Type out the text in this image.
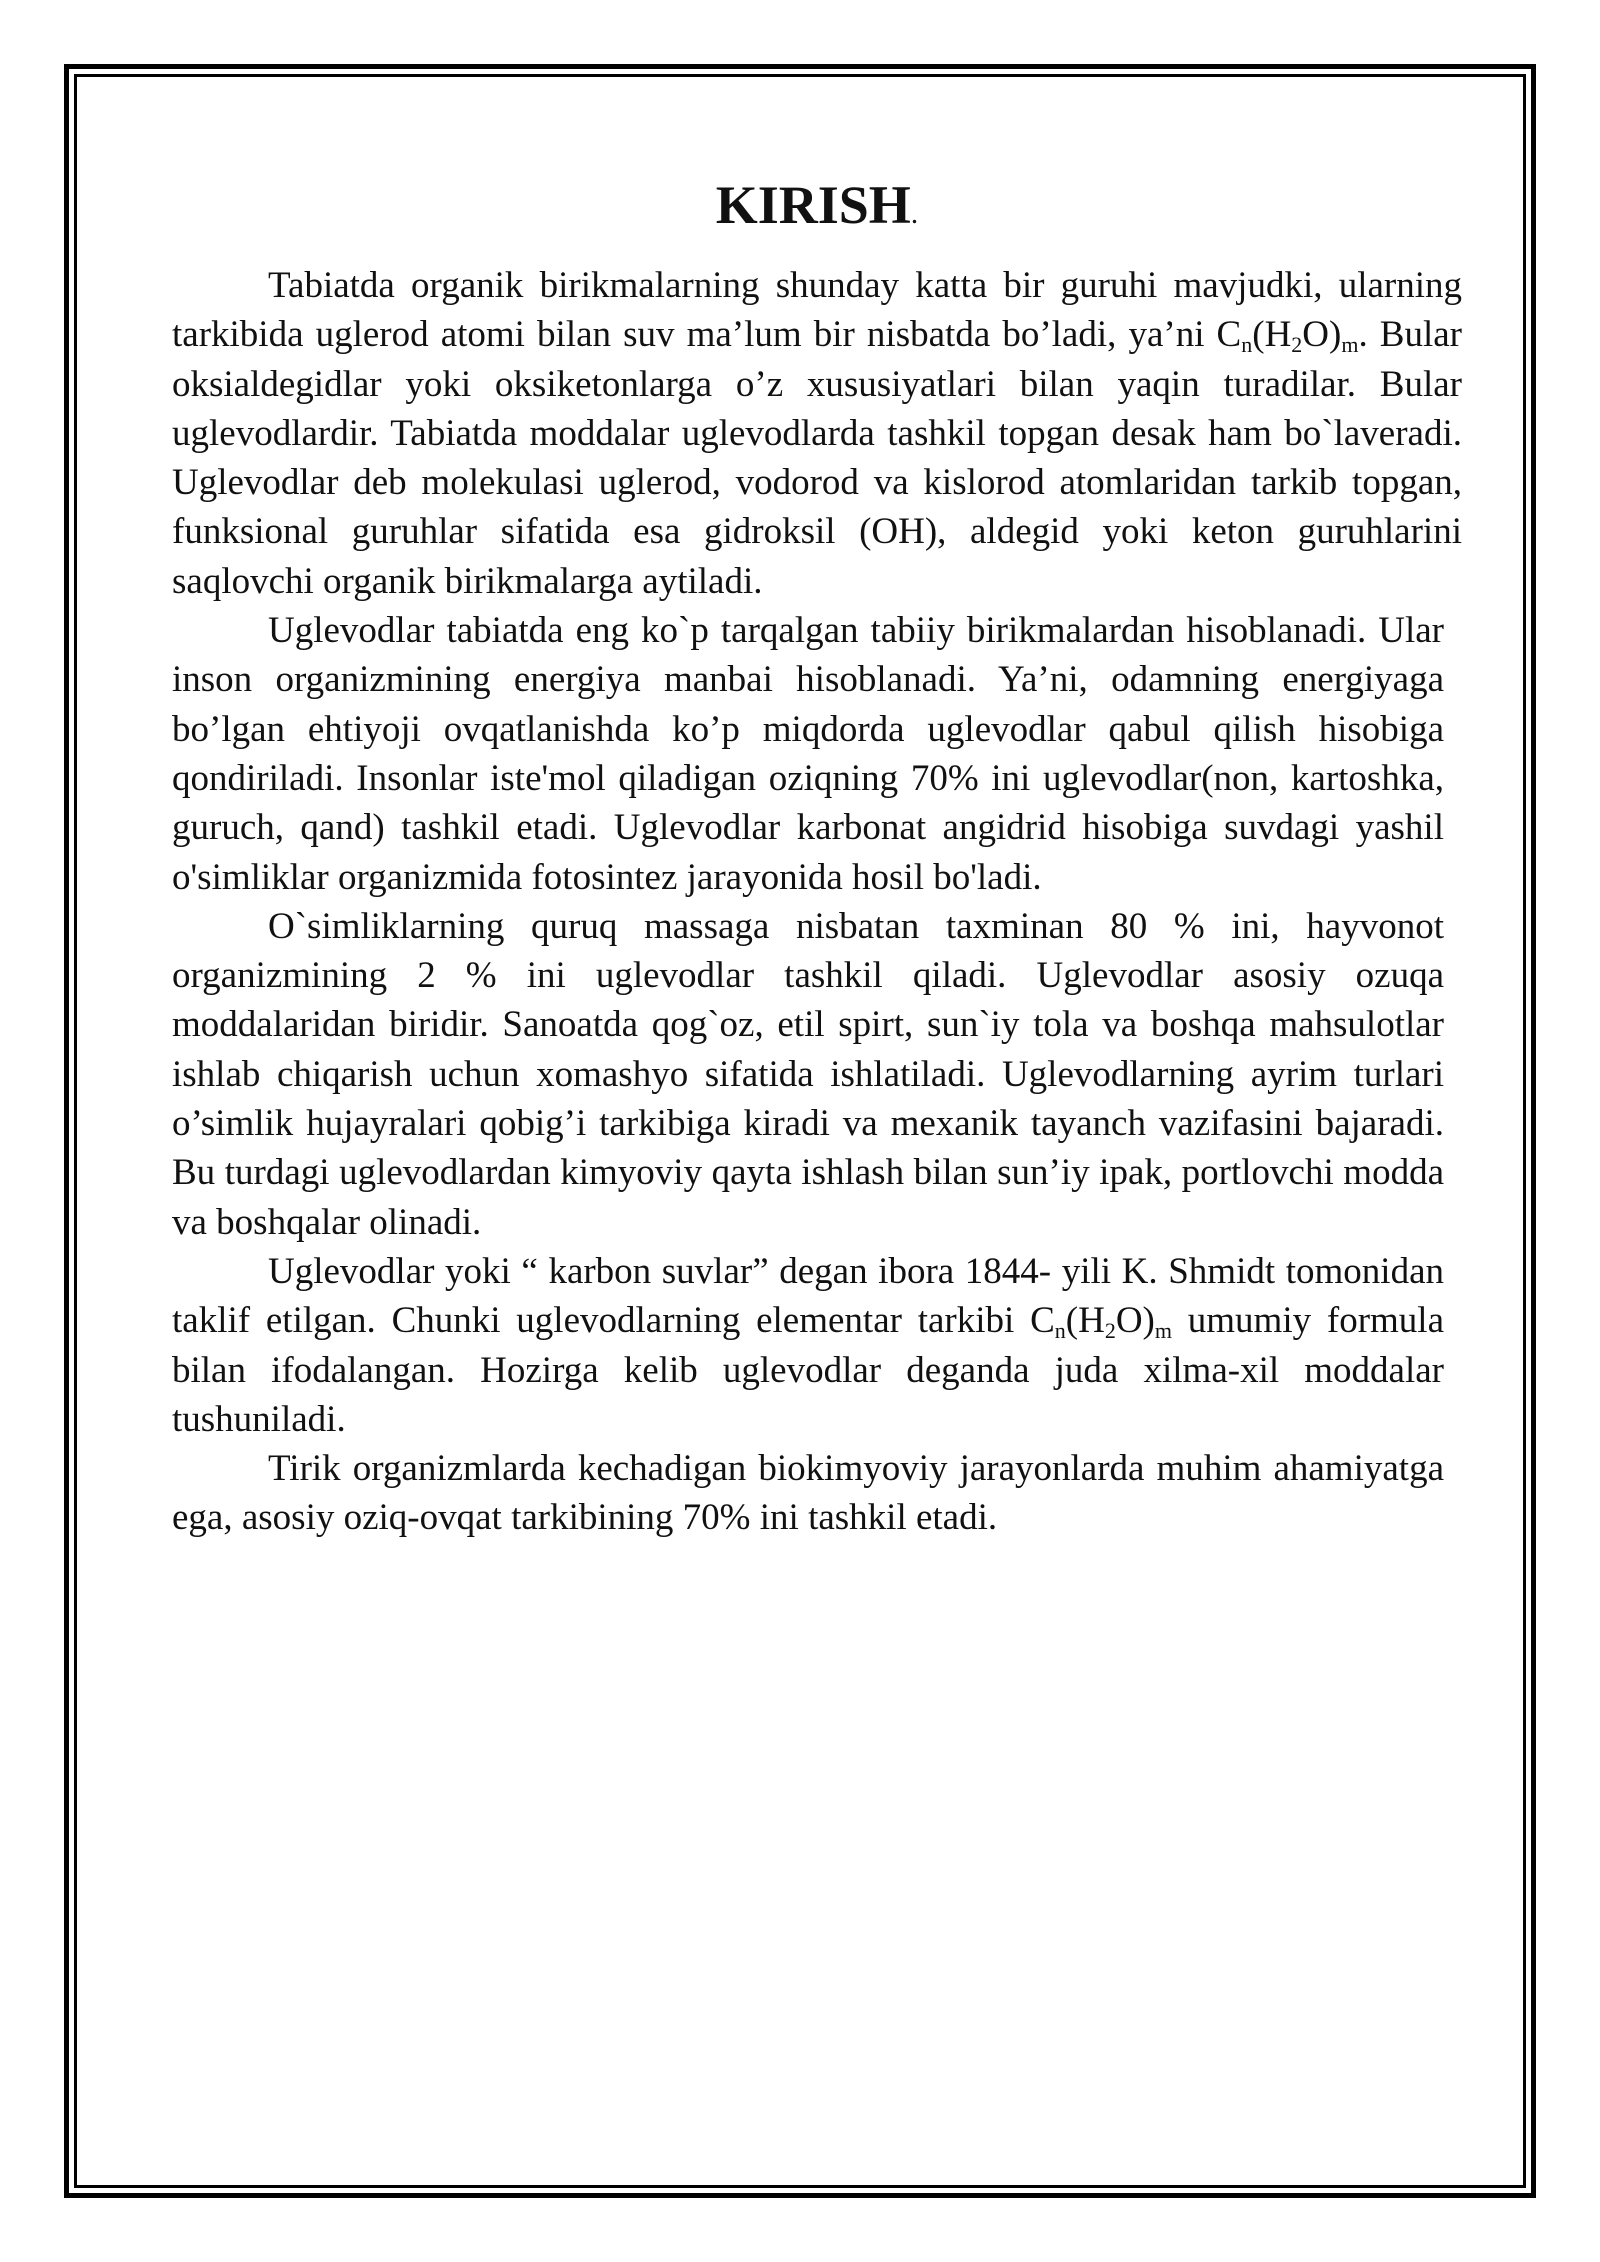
KIRISH.

Tabiatda organik birikmalarning shunday katta bir guruhi mavjudki, ularning tarkibida uglerod atomi bilan suv ma’lum bir nisbatda bo’ladi, ya’ni $C_n(H_2O)_m$. Bular oksialdegidlar yoki oksiketonlarga o’z xususiyatlari bilan yaqin turadilar. Bular uglevodlardir. Tabiatda moddalar uglevodlarda tashkil topgan desak ham bo`laveradi. Uglevodlar deb molekulasi uglerod, vodorod va kislorod atomlaridan tarkib topgan, funksional guruhlar sifatida esa gidroksil (OH), aldegid yoki keton guruhlarini saqlovchi organik birikmalarga aytiladi.

Uglevodlar tabiatda eng ko`p tarqalgan tabiiy birikmalardan hisoblanadi. Ular inson organizmining energiya manbai hisoblanadi. Ya’ni, odamning energiyaga bo’lgan ehtiyoji ovqatlanishda ko’p miqdorda uglevodlar qabul qilish hisobiga qondiriladi. Insonlar iste'mol qiladigan oziqning 70% ini uglevodlar(non, kartoshka, guruch, qand) tashkil etadi. Uglevodlar karbonat angidrid hisobiga suvdagi yashil o'simliklar organizmida fotosintez jarayonida hosil bo'ladi.

O`simliklarning quruq massaga nisbatan taxminan 80 % ini, hayvonot organizmining 2 % ini uglevodlar tashkil qiladi. Uglevodlar asosiy ozuqa moddalaridan biridir. Sanoatda qog`oz, etil spirt, sun`iy tola va boshqa mahsulotlar ishlab chiqarish uchun xomashyo sifatida ishlatiladi. Uglevodlarning ayrim turlari o’simlik hujayralari qobig’i tarkibiga kiradi va mexanik tayanch vazifasini bajaradi. Bu turdagi uglevodlardan kimyoviy qayta ishlash bilan sun’iy ipak, portlovchi modda va boshqalar olinadi.

Uglevodlar yoki “ karbon suvlar” degan ibora 1844- yili K. Shmidt tomonidan taklif etilgan. Chunki uglevodlarning elementar tarkibi $C_n(H_2O)_m$ umumiy formula bilan ifodalangan. Hozirga kelib uglevodlar deganda juda xilma-xil moddalar tushuniladi.

Tirik organizmlarda kechadigan biokimyoviy jarayonlarda muhim ahamiyatga ega, asosiy oziq-ovqat tarkibining 70% ini tashkil etadi.
